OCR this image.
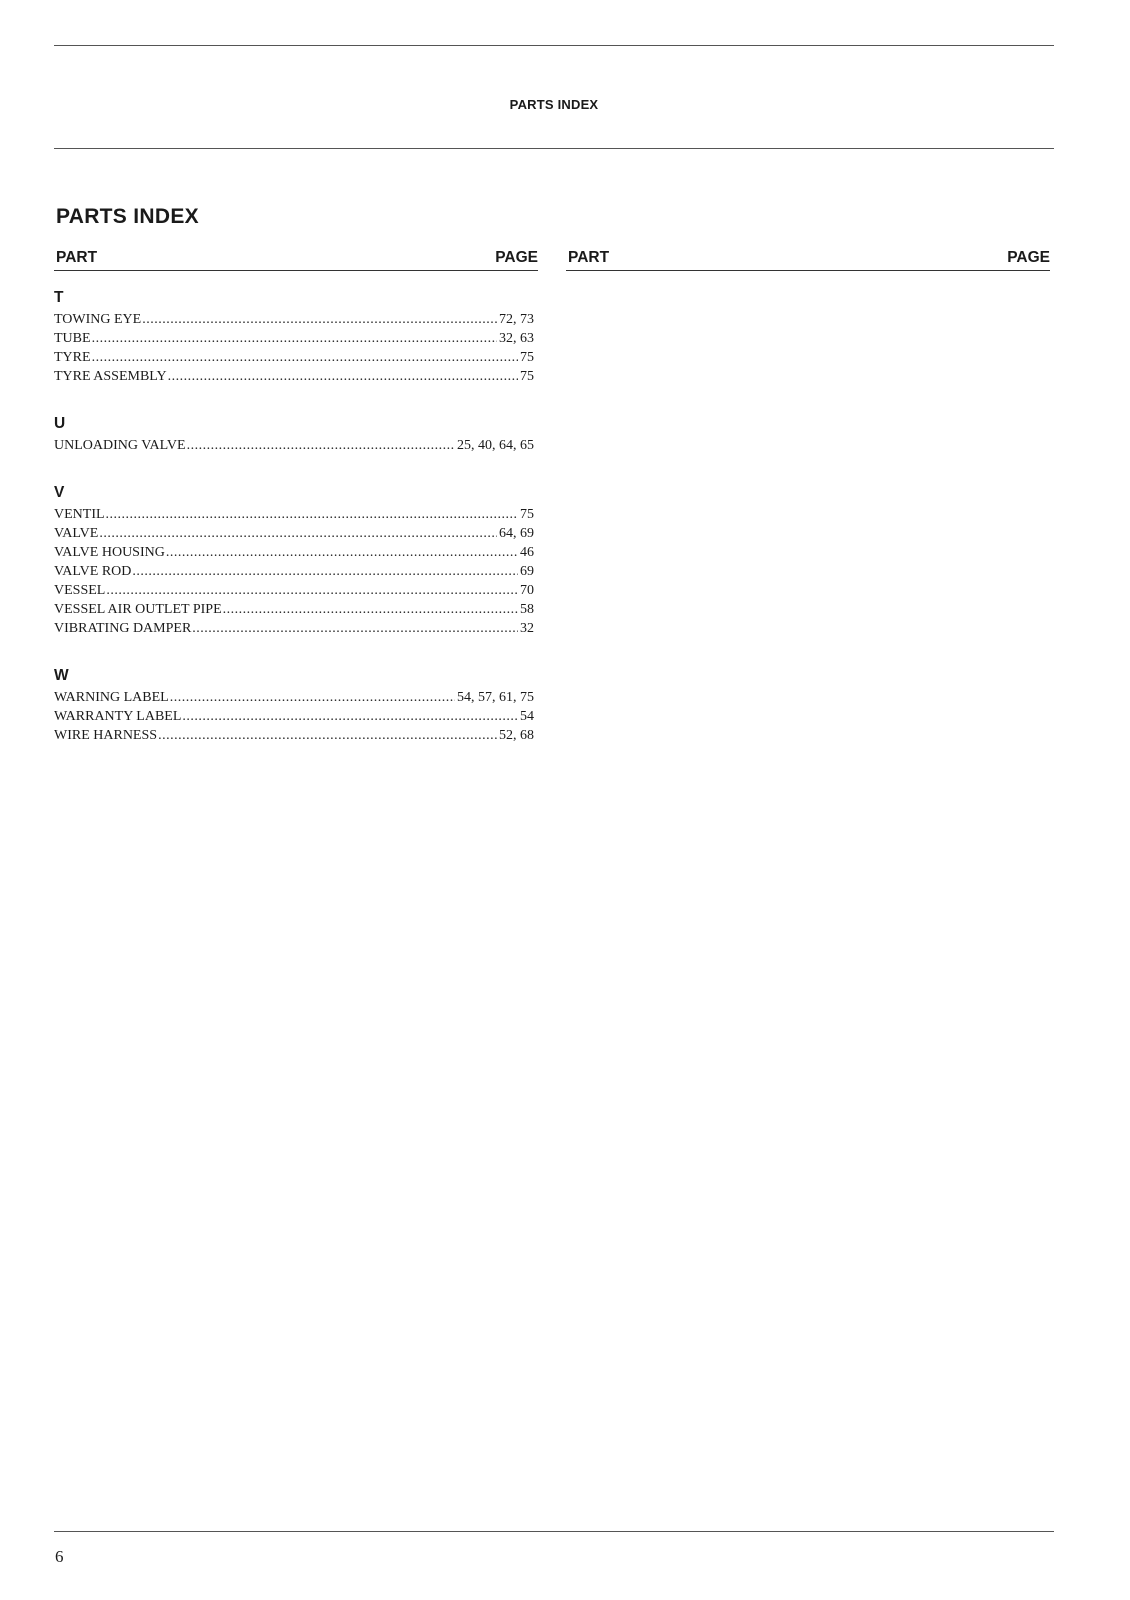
PARTS INDEX
PARTS INDEX
PART	PAGE PART	PAGE
T
TOWING EYE .....	72, 73
TUBE .....	32, 63
TYRE .....	75
TYRE ASSEMBLY .....	75
U
UNLOADING VALVE .....	25, 40, 64, 65
V
VENTIL .....	75
VALVE .....	64, 69
VALVE HOUSING .....	46
VALVE ROD .....	69
VESSEL .....	70
VESSEL AIR OUTLET PIPE .....	58
VIBRATING DAMPER .....	32
W
WARNING LABEL .....	54, 57, 61, 75
WARRANTY LABEL .....	54
WIRE HARNESS .....	52, 68
6
